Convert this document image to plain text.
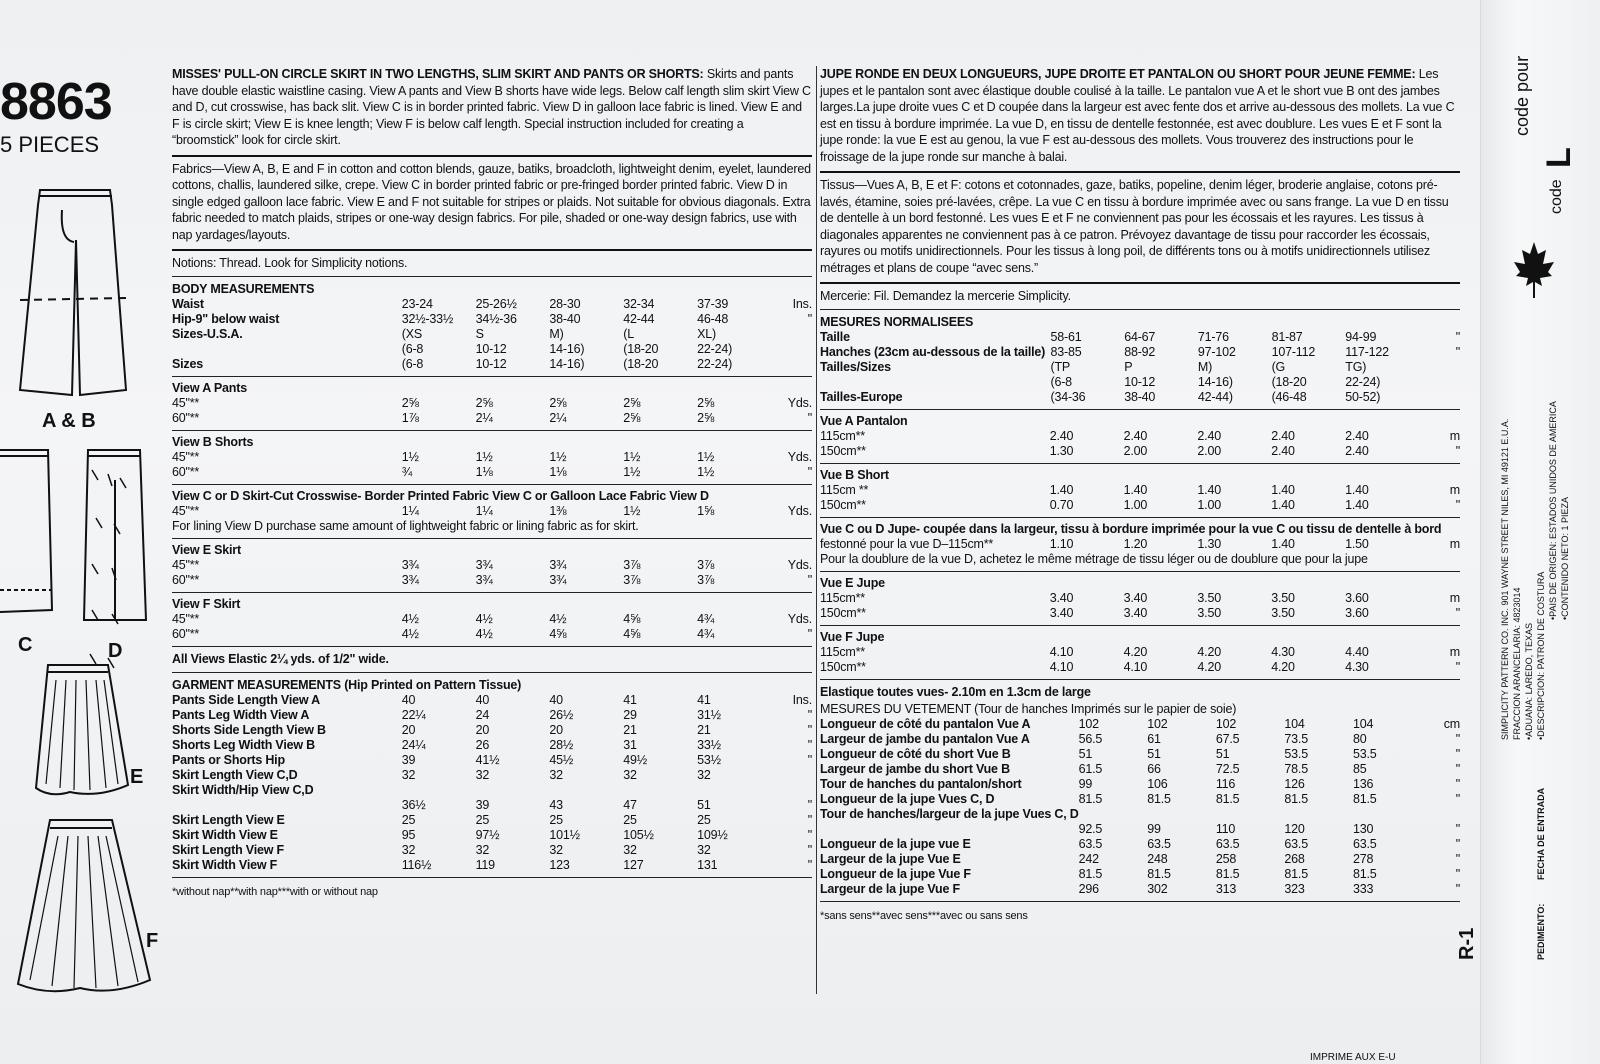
8863
5 PIECES
A & B
C	D
E
F
MISSES' PULL-ON CIRCLE SKIRT IN TWO LENGTHS, SLIM SKIRT AND PANTS OR SHORTS: Skirts and pants have double elastic waistline casing. View A pants and View B shorts have wide legs. Below calf length slim skirt View C and D, cut crosswise, has back slit. View C is in border printed fabric. View D in galloon lace fabric is lined. View E and F is circle skirt; View E is knee length; View F is below calf length. Special instruction included for creating a “broomstick” look for circle skirt.
Fabrics—View A, B, E and F in cotton and cotton blends, gauze, batiks, broadcloth, lightweight denim, eyelet, laundered cottons, challis, laundered silke, crepe. View C in border printed fabric or pre-fringed border printed fabric. View D in single edged galloon lace fabric. View E and F not suitable for stripes or plaids. Not suitable for obvious diagonals. Extra fabric needed to match plaids, stripes or one-way design fabrics. For pile, shaded or one-way design fabrics, use with nap yardages/layouts.
Notions: Thread. Look for Simplicity notions.
BODY MEASUREMENTS
Waist	23-24	25-26½	28-30	32-34	37-39	Ins.
Hip-9" below waist	32½-33½	34½-36	38-40	42-44	46-48	"
Sizes-U.S.A.	(XS	S	M)	(L	XL)	
	(6-8	10-12	14-16)	(18-20	22-24)	
Sizes	(6-8	10-12	14-16)	(18-20	22-24)	
View A Pants						
45"**	2⅝	2⅝	2⅝	2⅝	2⅝	Yds.
60"**	1⅞	2¼	2¼	2⅝	2⅝	"
View B Shorts						
45"**	1½	1½	1½	1½	1½	Yds.
60"**	¾	1⅛	1⅛	1½	1½	"
View C or D Skirt-Cut Crosswise- Border Printed Fabric View C or Galloon Lace Fabric View D
45"**	1¼	1¼	1⅜	1½	1⅝	Yds.
For lining View D purchase same amount of lightweight fabric or lining fabric as for skirt.
View E Skirt						
45"**	3¾	3¾	3¾	3⅞	3⅞	Yds.
60"**	3¾	3¾	3¾	3⅞	3⅞	"
View F Skirt						
45"**	4½	4½	4½	4⅝	4¾	Yds.
60"**	4½	4½	4⅝	4⅝	4¾	"
All Views Elastic 2¼ yds. of 1/2" wide.
GARMENT MEASUREMENTS (Hip Printed on Pattern Tissue)
Pants Side Length View A	40	40	40	41	41	Ins.
Pants Leg Width View A	22¼	24	26½	29	31½	"
Shorts Side Length View B	20	20	20	21	21	"
Shorts Leg Width View B	24¼	26	28½	31	33½	"
Pants or Shorts Hip	39	41½	45½	49½	53½	"
Skirt Length View C,D	32	32	32	32	32	
Skirt Width/Hip View C,D						
	36½	39	43	47	51	"
Skirt Length View E	25	25	25	25	25	"
Skirt Width View E	95	97½	101½	105½	109½	"
Skirt Length View F	32	32	32	32	32	"
Skirt Width View F	116½	119	123	127	131	"
*without nap**with nap***with or without nap
JUPE RONDE EN DEUX LONGUEURS, JUPE DROITE ET PANTALON OU SHORT POUR JEUNE FEMME: Les jupes et le pantalon sont avec élastique double coulisé à la taille. Le pantalon vue A et le short vue B ont des jambes larges.La jupe droite vues C et D coupée dans la largeur est avec fente dos et arrive au-dessous des mollets. La vue C est en tissu à bordure imprimée. La vue D, en tissu de dentelle festonnée, est avec doublure. Les vues E et F sont la jupe ronde: la vue E est au genou, la vue F est au-dessous des mollets. Vous trouverez des instructions pour le froissage de la jupe ronde sur manche à balai.
Tissus—Vues A, B, E et F: cotons et cotonnades, gaze, batiks, popeline, denim léger, broderie anglaise, cotons pré-lavés, étamine, soies pré-lavées, crêpe. La vue C en tissu à bordure imprimée avec ou sans frange. La vue D en tissu de dentelle à un bord festonné. Les vues E et F ne conviennent pas pour les écossais et les rayures. Les tissus à diagonales apparentes ne conviennent pas à ce patron. Prévoyez davantage de tissu pour raccorder les écossais, rayures ou motifs unidirectionnels. Pour les tissus à long poil, de différents tons ou à motifs unidirectionnels utilisez métrages et plans de coupe “avec sens.”
Mercerie: Fil. Demandez la mercerie Simplicity.
MESURES NORMALISEES
Taille	58-61	64-67	71-76	81-87	94-99	"
Hanches (23cm au-dessous de la taille)	83-85	88-92	97-102	107-112	117-122	"
Tailles/Sizes	(TP	P	M)	(G	TG)	
	(6-8	10-12	14-16)	(18-20	22-24)	
Tailles-Europe	(34-36	38-40	42-44)	(46-48	50-52)	
Vue A Pantalon						
115cm**	2.40	2.40	2.40	2.40	2.40	m
150cm**	1.30	2.00	2.00	2.40	2.40	"
Vue B Short						
115cm **	1.40	1.40	1.40	1.40	1.40	m
150cm**	0.70	1.00	1.00	1.40	1.40	"
Vue C ou D Jupe- coupée dans la largeur, tissu à bordure imprimée pour la vue C ou tissu de dentelle à bord
festonné pour la vue D–115cm**	1.10	1.20	1.30	1.40	1.50	m
Pour la doublure de la vue D, achetez le même métrage de tissu léger ou de doublure que pour la jupe
Vue E Jupe						
115cm**	3.40	3.40	3.50	3.50	3.60	m
150cm**	3.40	3.40	3.50	3.50	3.60	"
Vue F Jupe						
115cm**	4.10	4.20	4.20	4.30	4.40	m
150cm**	4.10	4.10	4.20	4.20	4.30	"
Elastique toutes vues- 2.10m en 1.3cm de large
MESURES DU VETEMENT (Tour de hanches Imprimés sur le papier de soie)
Longueur de côté du pantalon Vue A	102	102	102	104	104	cm
Largeur de jambe du pantalon Vue A	56.5	61	67.5	73.5	80	"
Longueur de côté du short Vue B	51	51	51	53.5	53.5	"
Largeur de jambe du short Vue B	61.5	66	72.5	78.5	85	"
Tour de hanches du pantalon/short	99	106	116	126	136	"
Longueur de la jupe Vues C, D	81.5	81.5	81.5	81.5	81.5	"
Tour de hanches/largeur de la jupe Vues C, D						
	92.5	99	110	120	130	"
Longueur de la jupe vue E	63.5	63.5	63.5	63.5	63.5	"
Largeur de la jupe Vue E	242	248	258	268	278	"
Longueur de la jupe Vue F	81.5	81.5	81.5	81.5	81.5	"
Largeur de la jupe Vue F	296	302	313	323	333	"
*sans sens**avec sens***avec ou sans sens
code pour
L
code
SIMPLICITY PATTERN CO. INC. 901 WAYNE STREET NILES, MI 49121 E.U.A. FRACCION ARANCELARIA: 4823014 •ADUANA: LAREDO, TEXAS •DESCRIPCION: PATRON DE COSTURA
•PAIS DE ORIGEN: ESTADOS UNIDOS DE AMERICA •CONTENIDO NETO: 1 PIEZA
FECHA DE ENTRADA
PEDIMENTO:
R-1
IMPRIME AUX E-U
